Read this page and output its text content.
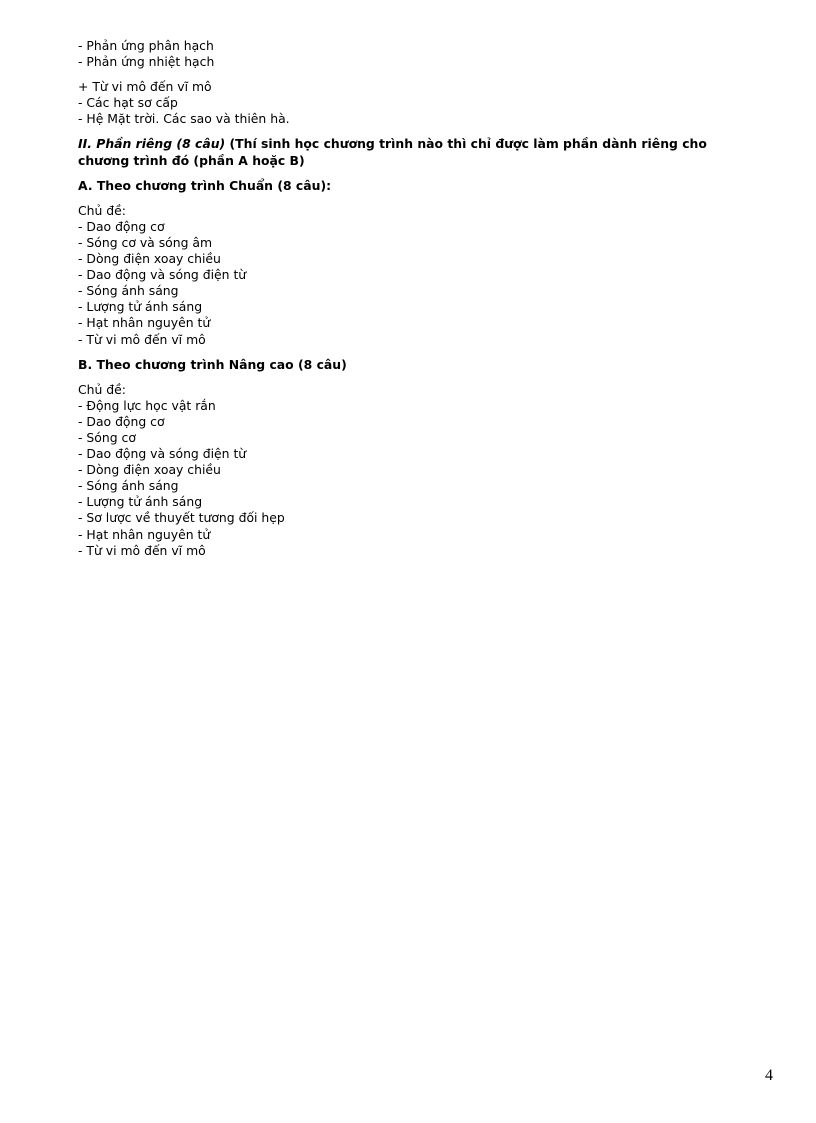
- Phản ứng phân hạch

- Phản ứng nhiệt hạch

+ Từ vi mô đến vĩ mô

- Các hạt sơ cấp

- Hệ Mặt trời. Các sao và thiên hà.

II. Phần riêng (8 câu) (Thí sinh học chương trình nào thì chỉ được làm phần dành riêng cho chương trình đó (phần A hoặc B)

A. Theo chương trình Chuẩn (8 câu):

Chủ đề:

- Dao động cơ

- Sóng cơ và sóng âm

- Dòng điện xoay chiều

- Dao động và sóng điện từ

- Sóng ánh sáng

- Lượng tử ánh sáng

- Hạt nhân nguyên tử

- Từ vi mô đến vĩ mô

B. Theo chương trình Nâng cao (8 câu)

Chủ đề:

- Động lực học vật rắn

- Dao động cơ

- Sóng cơ

- Dao động và sóng điện từ

- Dòng điện xoay chiều

- Sóng ánh sáng

- Lượng tử ánh sáng

- Sơ lược về thuyết tương đối hẹp

- Hạt nhân nguyên tử

- Từ vi mô đến vĩ mô

4
